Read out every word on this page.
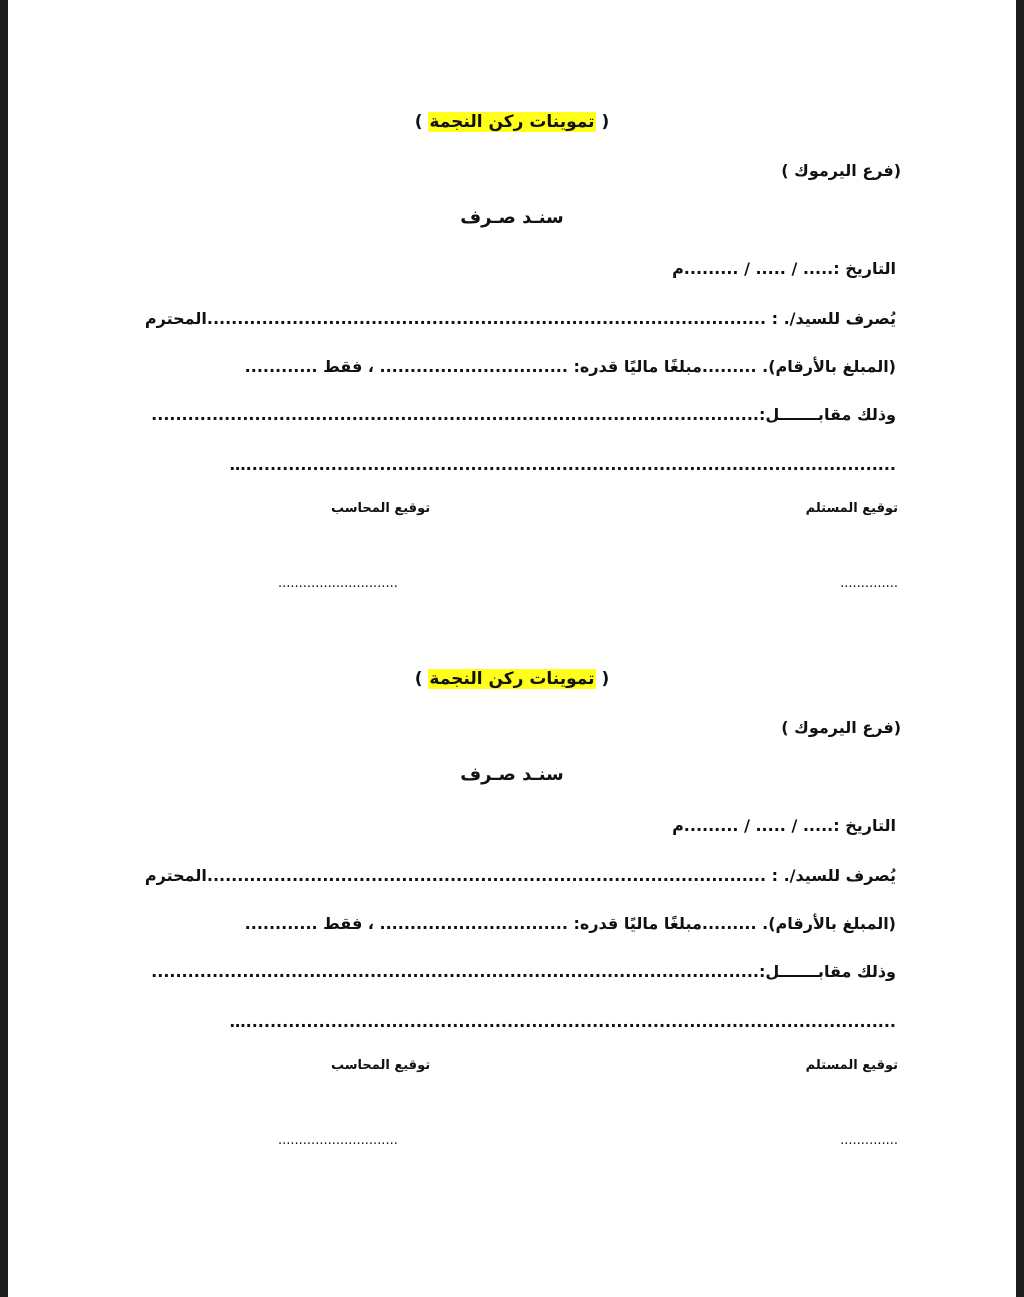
( تموينات ركن النجمة )
(فرع اليرموك )
سنـد صـرف
التاريخ :..... / ..... / .........م
يُصرف للسيد/. : ............................................................................................المحترم
(المبلغ بالأرقام). .........مبلغًا ماليًا قدره: ............................... ، فقط ............
وذلك مقابـــــــل:....................................................................................................
...........................................................................................................…
توقيع المستلم
توقيع المحاسب
..............
.............................
( تموينات ركن النجمة )
(فرع اليرموك )
سنـد صـرف
التاريخ :..... / ..... / .........م
يُصرف للسيد/. : ............................................................................................المحترم
(المبلغ بالأرقام). .........مبلغًا ماليًا قدره: ............................... ، فقط ............
وذلك مقابـــــــل:....................................................................................................
...........................................................................................................…
توقيع المستلم
توقيع المحاسب
..............
.............................
